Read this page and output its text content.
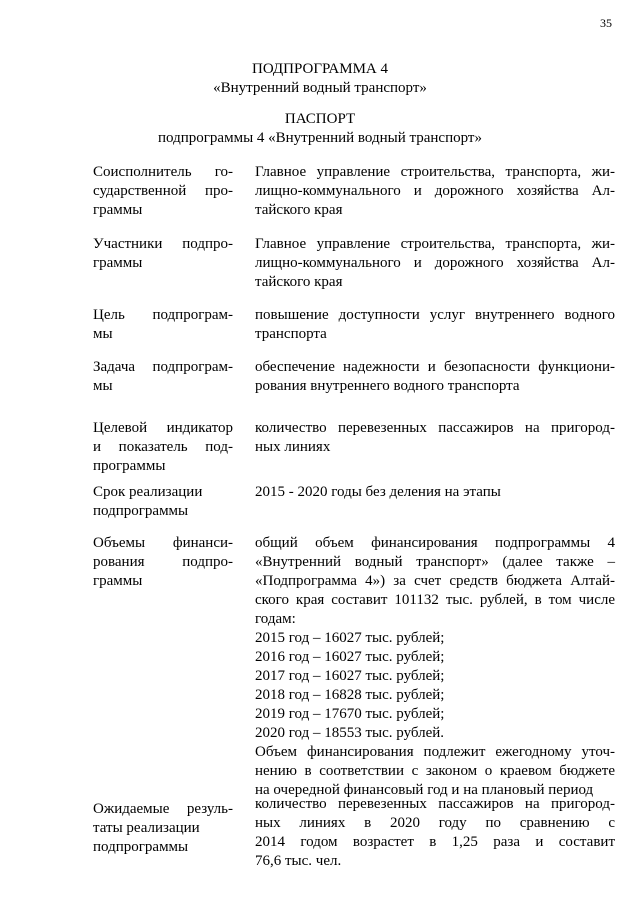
35
ПОДПРОГРАММА 4
«Внутренний водный транспорт»
ПАСПОРТ
подпрограммы 4 «Внутренний водный транспорт»
Соисполнитель го-
сударственной про-
граммы
Главное управление строительства, транспорта, жи-
лищно-коммунального и дорожного хозяйства Ал-
тайского края
Участники подпро-
граммы
Главное управление строительства, транспорта, жи-
лищно-коммунального и дорожного хозяйства Ал-
тайского края
Цель подпрограм-
мы
повышение доступности услуг внутреннего водного
транспорта
Задача подпрограм-
мы
обеспечение надежности и безопасности функциони-
рования внутреннего водного транспорта
Целевой индикатор
и показатель под-
программы
количество перевезенных пассажиров на пригород-
ных линиях
Срок реализации
подпрограммы
2015 - 2020 годы без деления на этапы
Объемы финанси-
рования подпро-
граммы
общий объем финансирования подпрограммы 4
«Внутренний водный транспорт» (далее также –
«Подпрограмма 4») за счет средств бюджета Алтай-
ского края составит 101132 тыс. рублей, в том числе
годам:
2015 год – 16027 тыс. рублей;
2016 год – 16027 тыс. рублей;
2017 год – 16027 тыс. рублей;
2018 год – 16828 тыс. рублей;
2019 год – 17670 тыс. рублей;
2020 год – 18553 тыс. рублей.
Объем финансирования подлежит ежегодному уточ-
нению в соответствии с законом о краевом бюджете
на очередной финансовый год и на плановый период
Ожидаемые резуль-
таты реализации
подпрограммы
количество перевезенных пассажиров на пригород-
ных линиях в 2020 году по сравнению с
2014 годом возрастет в 1,25 раза и составит
76,6 тыс. чел.
